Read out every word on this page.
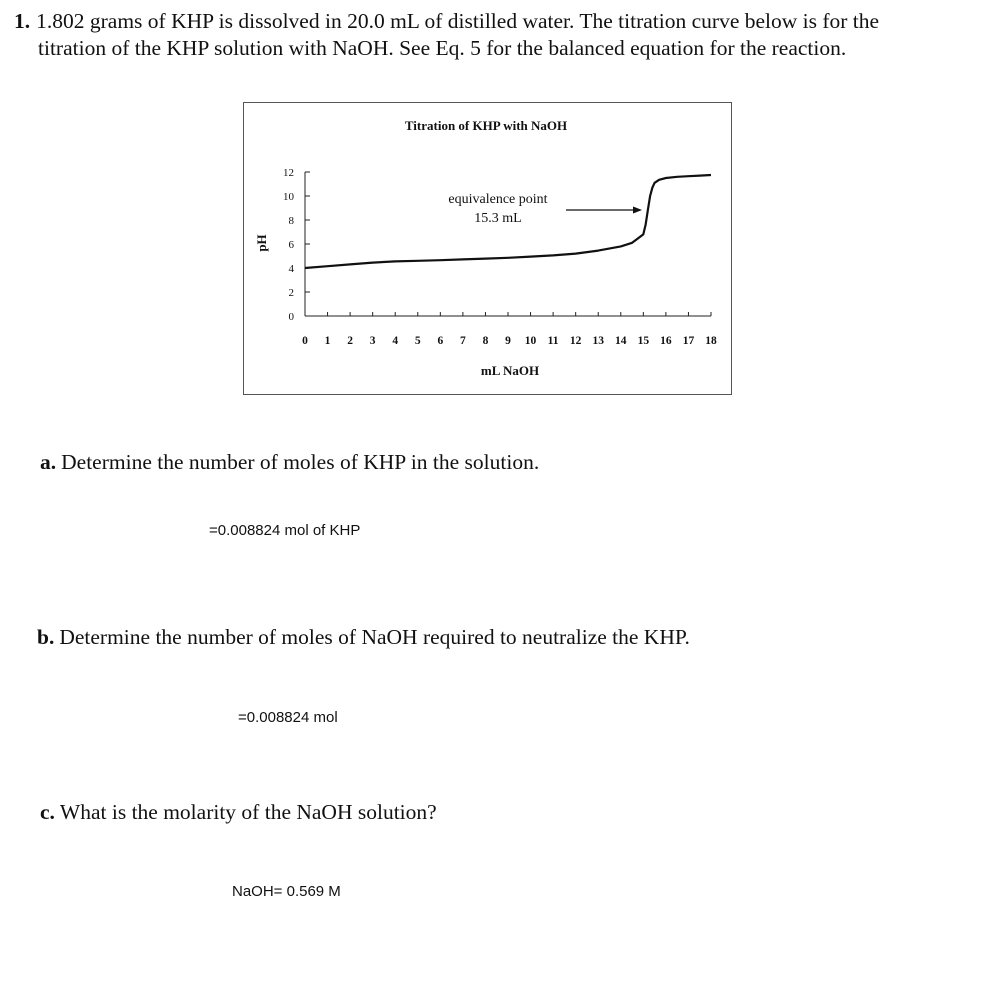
1. 1.802 grams of KHP is dissolved in 20.0 mL of distilled water. The titration curve below is for the
titration of the KHP solution with NaOH. See Eq. 5 for the balanced equation for the reaction.
Titration of KHP with NaOH
pH
mL NaOH
equivalence point
15.3 mL
0
2
4
6
8
10
12
0 1 2 3 4 5 6 7 8 9 10 11 12 13 14 15 16 17 18
a. Determine the number of moles of KHP in the solution.
=0.008824 mol of KHP
b. Determine the number of moles of NaOH required to neutralize the KHP.
=0.008824 mol
c. What is the molarity of the NaOH solution?
NaOH= 0.569 M
